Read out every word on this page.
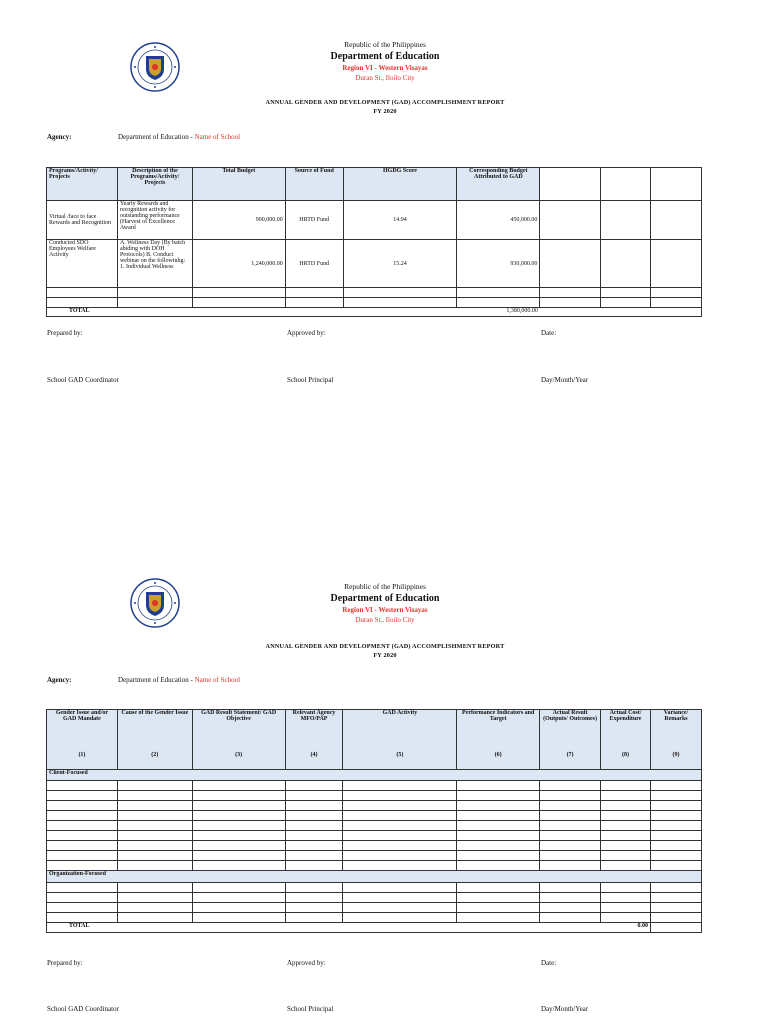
Republic of the Philippines
Department of Education
Region VI - Western Visayas
Duran St., Iloilo City
ANNUAL GENDER AND DEVELOPMENT (GAD) ACCOMPLISHMENT REPORT
FY 2020
Agency:	Department of Education - Name of School
Programs/Activity/ Projects	Description of the Programs/Activity/ Projects	Total Budget	Source of Fund	HGDG Score	Corresponding Budget Attributed to GAD			
Virtual /face to face Rewards and Recognition	Yearly Rewards and recognition activity for outstanding performance (Harvest of Excellence Award	900,000.00	HRTD Fund	14.94	450,000.00			
Conducted SDO Employees Welfare Activity	A. Wellness Day (By batch abiding with DOH Protocols) B. Conduct webinar on the followinhg: 1. Individual Wellness	1,240,000.00	HRTD Fund	15.24	930,000.00			

TOTAL 1,380,000.00								

Prepared by:	Approved by:	Date:
School GAD Coordinator	School Principal	Day/Month/Year
Republic of the Philippines
Department of Education
Region VI - Western Visayas
Duran St., Iloilo City
ANNUAL GENDER AND DEVELOPMENT (GAD) ACCOMPLISHMENT REPORT
FY 2020
Agency:	Department of Education - Name of School
Gender Issue and/or GAD Mandate	Cause of the Gender Issue	GAD Result Statement/ GAD Objective	Relevant Agency MFO/PAP	GAD Activity	Performance Indicators and Target	Actual Result (Outputs/ Outcomes)	Actual Cost/ Expenditure	Variance/ Remarks
(1)	(2)	(3)	(4)	(5)	(6)	(7)	(8)	(9)
Client-Focused								

Organization-Focused								

TOTAL							0.00	
Prepared by:	Approved by:	Date:
School GAD Coordinator	School Principal	Day/Month/Year
